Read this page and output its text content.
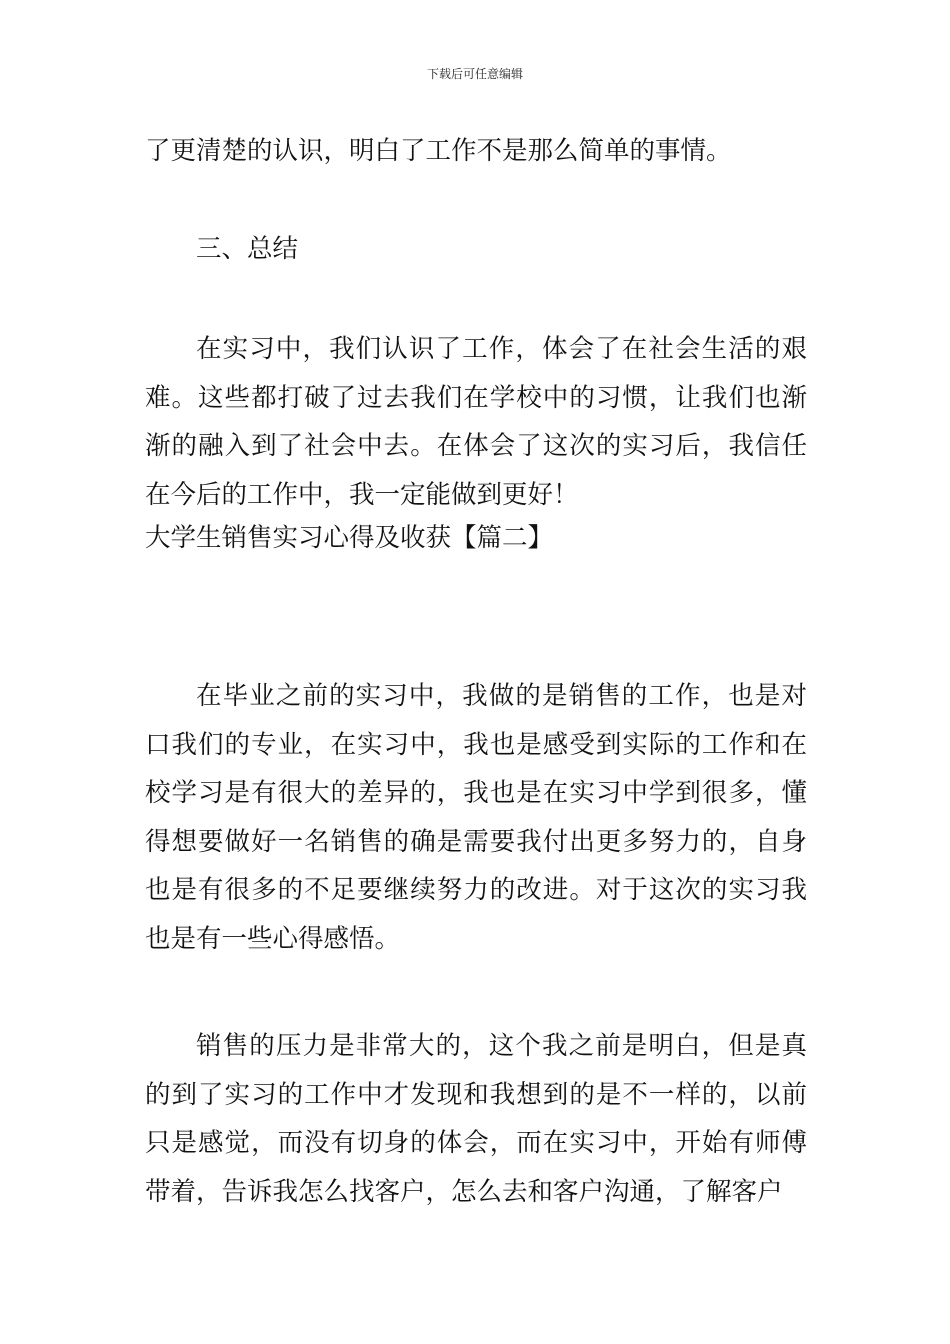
下载后可任意编辑

了更清楚的认识，明白了工作不是那么简单的事情。

三、总结

在实习中，我们认识了工作，体会了在社会生活的艰难。这些都打破了过去我们在学校中的习惯，让我们也渐渐的融入到了社会中去。在体会了这次的实习后，我信任在今后的工作中，我一定能做到更好！

大学生销售实习心得及收获【篇二】

在毕业之前的实习中，我做的是销售的工作，也是对口我们的专业，在实习中，我也是感受到实际的工作和在校学习是有很大的差异的，我也是在实习中学到很多，懂得想要做好一名销售的确是需要我付出更多努力的，自身也是有很多的不足要继续努力的改进。对于这次的实习我也是有一些心得感悟。

销售的压力是非常大的，这个我之前是明白，但是真的到了实习的工作中才发现和我想到的是不一样的，以前只是感觉，而没有切身的体会，而在实习中，开始有师傅带着，告诉我怎么找客户，怎么去和客户沟通，了解客户
